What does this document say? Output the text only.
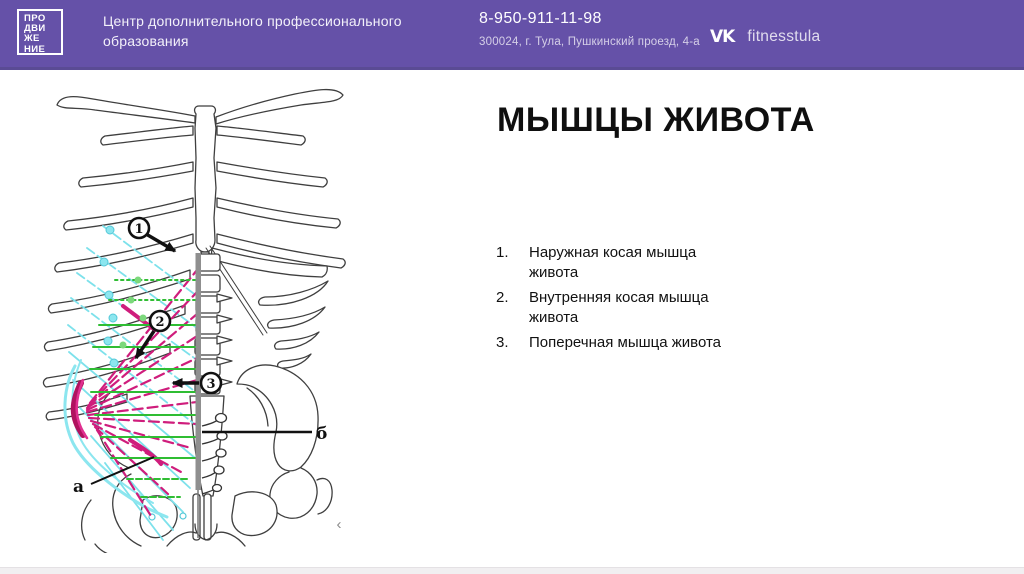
ПРО
ДВИ
ЖЕ
НИЕ
Центр дополнительного профессионального образования
8-950-911-11-98
300024, г. Тула, Пушкинский проезд, 4-а VK fitnesstula
МЫШЦЫ ЖИВОТА
1.	Наружная косая мышца живота
2.	Внутренняя косая мышца живота
3.	Поперечная мышца живота
б
а
1
2
3
‹
